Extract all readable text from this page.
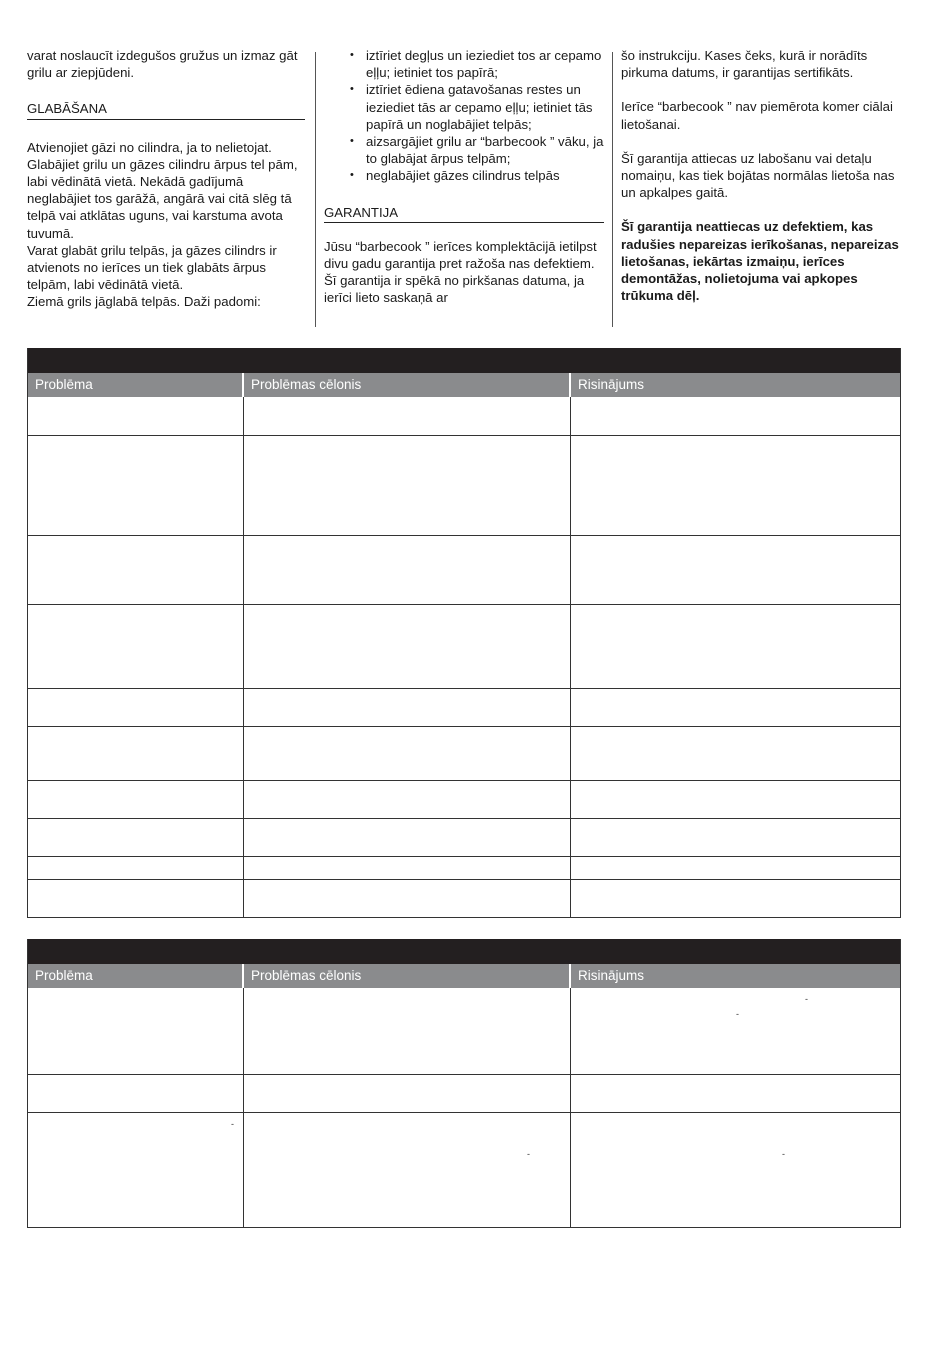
varat noslaucīt izdegušos gružus un izmaz gāt grilu ar ziepjūdeni.

GLABĀŠANA

Atvienojiet gāzi no cilindra, ja to nelietojat. Glabājiet grilu un gāzes cilindru ārpus tel pām, labi vēdinātā vietā. Nekādā gadījumā neglabājiet tos garāžā, angārā vai citā slēg tā telpā vai atklātas uguns, vai karstuma avota tuvumā.

Varat glabāt grilu telpās, ja gāzes cilindrs ir atvienots no ierīces un tiek glabāts ārpus telpām, labi vēdinātā vietā.

Ziemā grils jāglabā telpās. Daži padomi:

• iztīriet degļus un ieziediet tos ar cepamo eļļu; ietiniet tos papīrā;
• iztīriet ēdiena gatavošanas restes un ieziediet tās ar cepamo eļļu; ietiniet tās papīrā un noglabājiet telpās;
• aizsargājiet grilu ar “barbecook ” vāku, ja to glabājat ārpus telpām;
• neglabājiet gāzes cilindrus telpās

GARANTIJA

Jūsu “barbecook ” ierīces komplektācijā ietilpst divu gadu garantija pret ražoša nas defektiem. Šī garantija ir spēkā no pirkšanas datuma, ja ierīci lieto saskaņā ar

šo instrukciju. Kases čeks, kurā ir norādīts pirkuma datums, ir garantijas sertifikāts.

Ierīce “barbecook ” nav piemērota komer ciālai lietošanai.

Šī garantija attiecas uz labošanu vai detaļu nomaiņu, kas tiek bojātas normālas lietoša nas un apkalpes gaitā.

Šī garantija neattiecas uz defektiem, kas radušies nepareizas ierīkošanas, nepareizas lietošanas, iekārtas izmaiņu, ierīces demontāžas, nolietojuma vai apkopes trūkuma dēļ.

Problēma	Problēmas cēlonis	Risinājums
Problēma	Problēmas cēlonis	Risinājums
-
-
-
-	-
